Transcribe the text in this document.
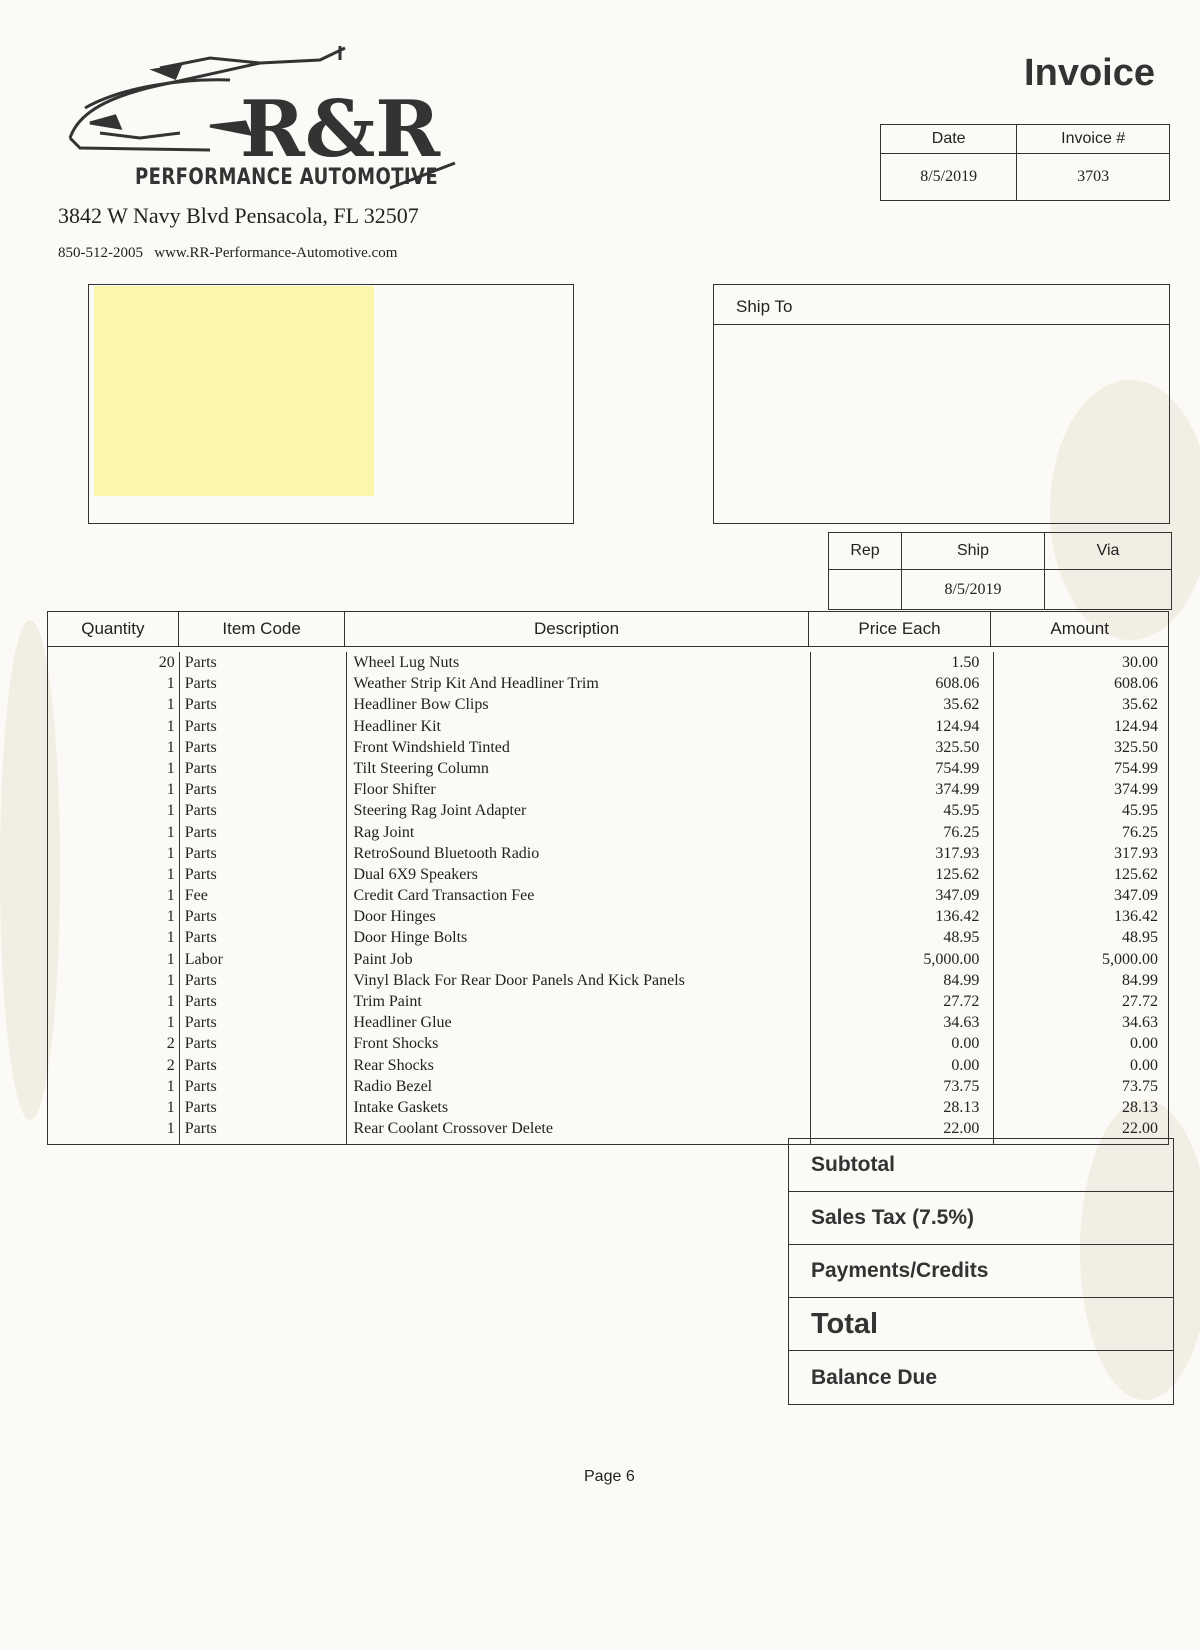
R&R
PERFORMANCE AUTOMOTIVE
3842 W Navy Blvd Pensacola, FL 32507
850-512-2005 www.RR-Performance-Automotive.com
Invoice
Date	Invoice #
8/5/2019	3703
Ship To
Rep	Ship	Via
	8/5/2019	
Quantity	Item Code	Description	Price Each	Amount
20 Parts	Wheel Lug Nuts	1.50	30.00
1 Parts	Weather Strip Kit And Headliner Trim	608.06	608.06
1 Parts	Headliner Bow Clips	35.62	35.62
1 Parts	Headliner Kit	124.94	124.94
1 Parts	Front Windshield Tinted	325.50	325.50
1 Parts	Tilt Steering Column	754.99	754.99
1 Parts	Floor Shifter	374.99	374.99
1 Parts	Steering Rag Joint Adapter	45.95	45.95
1 Parts	Rag Joint	76.25	76.25
1 Parts	RetroSound Bluetooth Radio	317.93	317.93
1 Parts	Dual 6X9 Speakers	125.62	125.62
1 Fee	Credit Card Transaction Fee	347.09	347.09
1 Parts	Door Hinges	136.42	136.42
1 Parts	Door Hinge Bolts	48.95	48.95
1 Labor	Paint Job	5,000.00	5,000.00
1 Parts	Vinyl Black For Rear Door Panels And Kick Panels	84.99	84.99
1 Parts	Trim Paint	27.72	27.72
1 Parts	Headliner Glue	34.63	34.63
2 Parts	Front Shocks	0.00	0.00
2 Parts	Rear Shocks	0.00	0.00
1 Parts	Radio Bezel	73.75	73.75
1 Parts	Intake Gaskets	28.13	28.13
1 Parts	Rear Coolant Crossover Delete	22.00	22.00
Subtotal
Sales Tax (7.5%)
Payments/Credits
Total
Balance Due
Page 6
